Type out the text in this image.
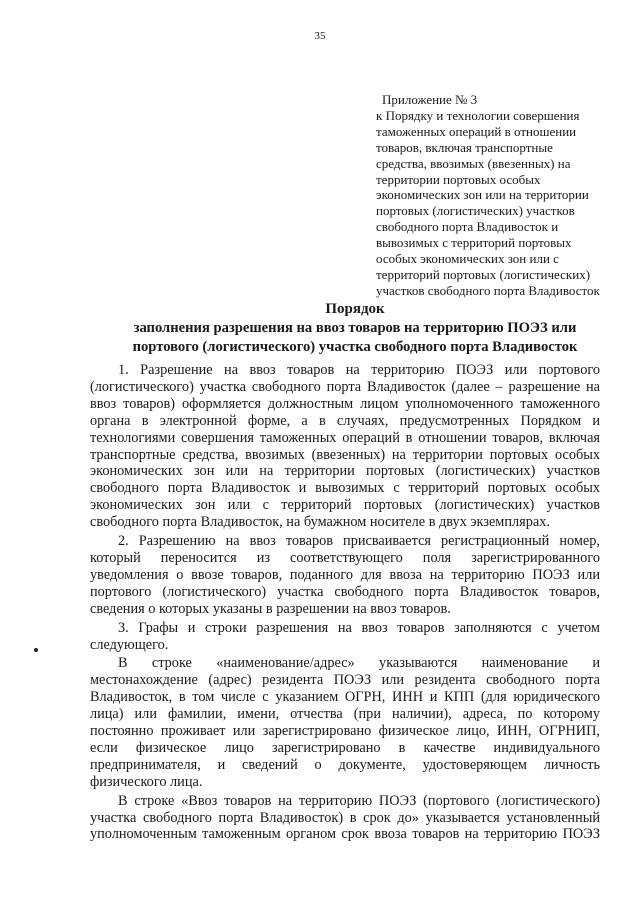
35
Приложение № 3
к Порядку и технологии совершения
таможенных операций в отношении
товаров, включая транспортные
средства, ввозимых (ввезенных) на
территории портовых особых
экономических зон или на территории
портовых (логистических) участков
свободного порта Владивосток и
вывозимых с территорий портовых
особых экономических зон или с
территорий портовых (логистических)
участков свободного порта Владивосток
Порядок
заполнения разрешения на ввоз товаров на территорию ПОЭЗ или
портового (логистического) участка свободного порта Владивосток
1. Разрешение на ввоз товаров на территорию ПОЭЗ или портового
(логистического) участка свободного порта Владивосток (далее – разрешение на
ввоз товаров) оформляется должностным лицом уполномоченного таможенного
органа в электронной форме, а в случаях, предусмотренных Порядком и
технологиями совершения таможенных операций в отношении товаров, включая
транспортные средства, ввозимых (ввезенных) на территории портовых особых
экономических зон или на территории портовых (логистических) участков
свободного порта Владивосток и вывозимых с территорий портовых особых
экономических зон или с территорий портовых (логистических) участков
свободного порта Владивосток, на бумажном носителе в двух экземплярах.
2. Разрешению на ввоз товаров присваивается регистрационный номер,
который переносится из соответствующего поля зарегистрированного
уведомления о ввозе товаров, поданного для ввоза на территорию ПОЭЗ или
портового (логистического) участка свободного порта Владивосток товаров,
сведения о которых указаны в разрешении на ввоз товаров.
3. Графы и строки разрешения на ввоз товаров заполняются с учетом
следующего.
В строке «наименование/адрес» указываются наименование и
местонахождение (адрес) резидента ПОЭЗ или резидента свободного порта
Владивосток, в том числе с указанием ОГРН, ИНН и КПП (для юридического
лица) или фамилии, имени, отчества (при наличии), адреса, по которому
постоянно проживает или зарегистрировано физическое лицо, ИНН, ОГРНИП,
если физическое лицо зарегистрировано в качестве индивидуального
предпринимателя, и сведений о документе, удостоверяющем личность
физического лица.
В строке «Ввоз товаров на территорию ПОЭЗ (портового (логистического)
участка свободного порта Владивосток) в срок до» указывается установленный
уполномоченным таможенным органом срок ввоза товаров на территорию ПОЭЗ
